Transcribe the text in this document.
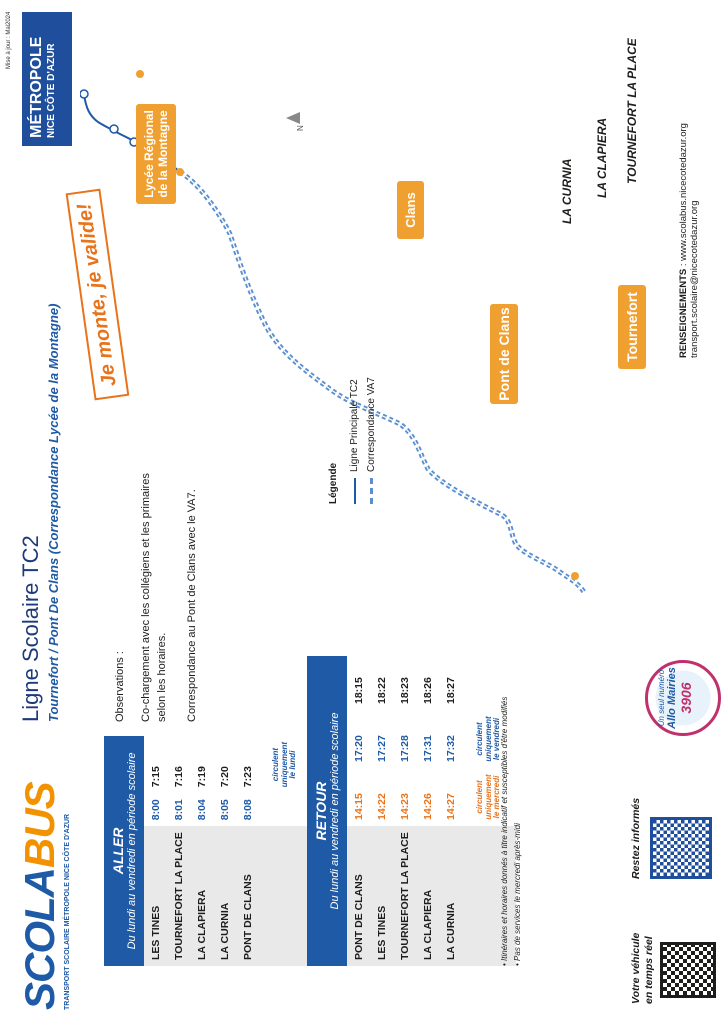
SCOLABUS TRANSPORT SCOLAIRE MÉTROPOLE NICE CÔTE D'AZUR
Ligne Scolaire TC2 Tournefort / Pont De Clans (Correspondance Lycée de la Montagne)
Mise à jour : Mai2024 MÉTROPOLE NICE CÔTE D'AZUR
ALLER Du lundi au vendredi en période scolaire		

LES TINES	8:00	7:15
TOURNEFORT LA PLACE	8:01	7:16
LA CLAPIERA	8:04	7:19
LA CURNIA	8:05	7:20
PONT DE CLANS	8:08	7:23
		circulent uniquement le lundi
RETOUR Du lundi au vendredi en période scolaire			

PONT DE CLANS	14:15	17:20	18:15
LES TINES	14:22	17:27	18:22
TOURNEFORT LA PLACE	14:23	17:28	18:23
LA CLAPIERA	14:26	17:31	18:26
LA CURNIA	14:27	17:32	18:27
	circulent uniquement le mercredi	circulent uniquement le vendredi	
Observations : Co-chargement avec les collégiens et les primaires selon les horaires. Correspondance au Pont de Clans avec le VA7.
• Itinéraires et horaires donnés à titre indicatif et susceptibles d'être modifiés
• Pas de services le mercredi après-midi
Je monte, je valide!
Lycée Régional de la Montagne
Clans
Pont de Clans	Tournefort
LA CURNIA LA CLAPIERA TOURNEFORT LA PLACE
N
Légende
Ligne Principale TC2 Correspondance VA7
Votre véhicule en temps réel
Restez informés
Un seul numéro Allo Mairies 3906
RENSEIGNEMENTS : www.scolabus.nicecotedazur.org
transport.scolaire@nicecotedazur.org
